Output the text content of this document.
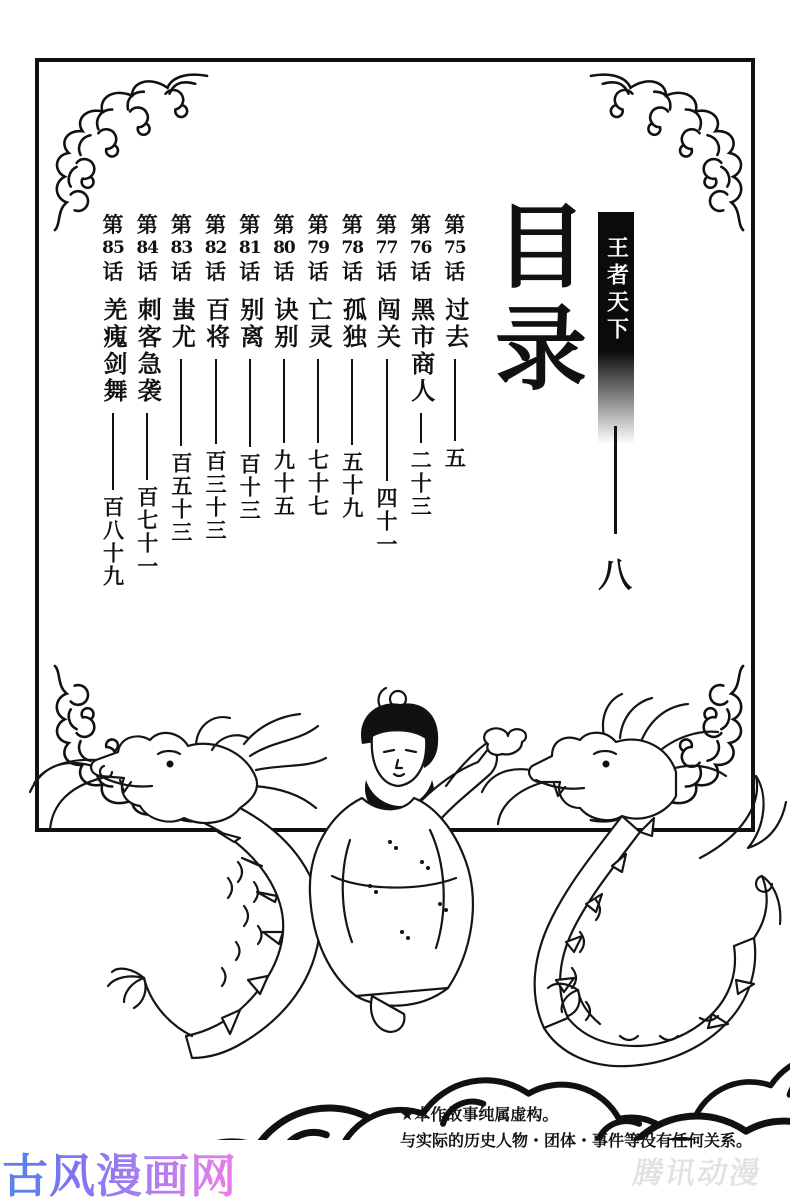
王者天下
八
目录
第
75
话
过去
五
第
76
话
黑市商人
二十三
第
77
话
闯关
四十一
第
78
话
孤独
五十九
第
79
话
亡灵
七十七
第
80
话
诀别
九十五
第
81
话
别离
百十三
第
82
话
百将
百三十三
第
83
话
蚩尤
百五十三
第
84
话
刺客急袭
百七十一
第
85
话
羌瘣剑舞
百八十九
★本作故事纯属虚构。
与实际的历史人物・团体・事件等没有任何关系。
古风漫画网	腾讯动漫
